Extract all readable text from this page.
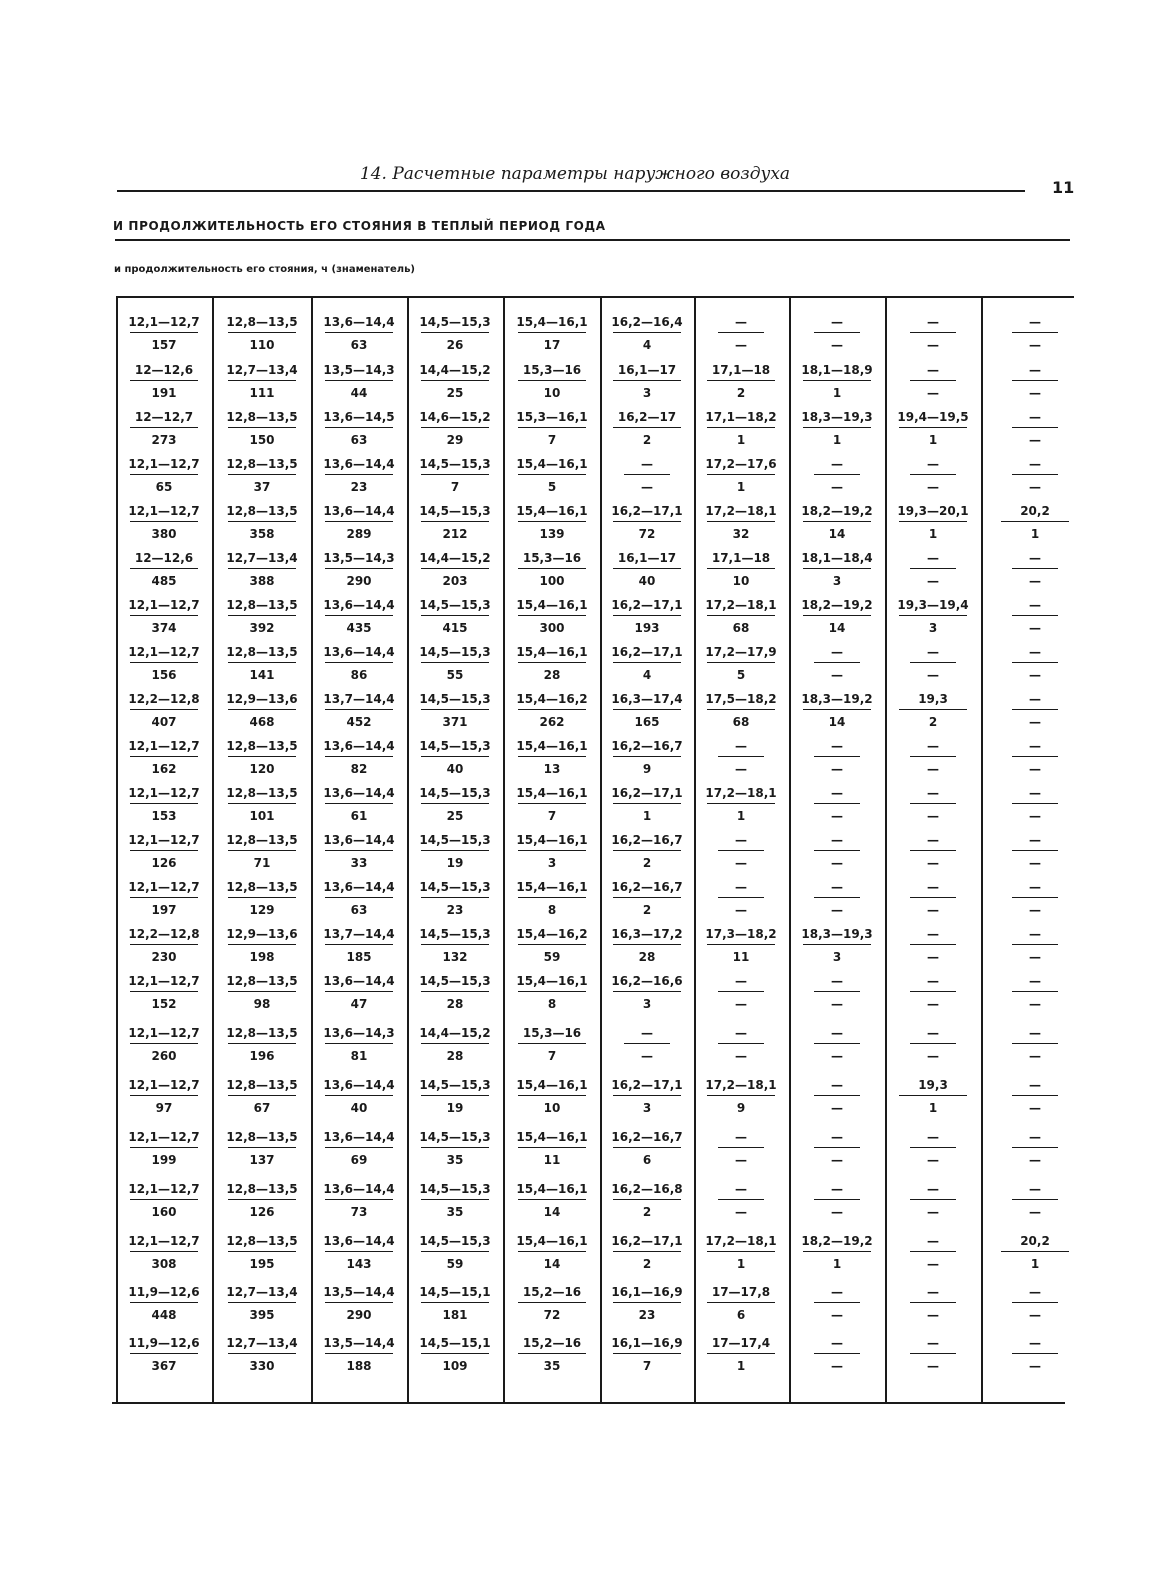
14. Расчетные параметры наружного воздуха
11
И ПРОДОЛЖИТЕЛЬНОСТЬ ЕГО СТОЯНИЯ В ТЕПЛЫЙ ПЕРИОД ГОДА
и продолжительность его стояния, ч (знаменатель)
12,1—12,7
157
12,8—13,5
110
13,6—14,4
63
14,5—15,3
26
15,4—16,1
17
16,2—16,4
4
—
—
—
—
—
—
—
—
12—12,6
191
12,7—13,4
111
13,5—14,3
44
14,4—15,2
25
15,3—16
10
16,1—17
3
17,1—18
2
18,1—18,9
1
—
—
—
—
12—12,7
273
12,8—13,5
150
13,6—14,5
63
14,6—15,2
29
15,3—16,1
7
16,2—17
2
17,1—18,2
1
18,3—19,3
1
19,4—19,5
1
—
—
12,1—12,7
65
12,8—13,5
37
13,6—14,4
23
14,5—15,3
7
15,4—16,1
5
—
—
17,2—17,6
1
—
—
—
—
—
—
12,1—12,7
380
12,8—13,5
358
13,6—14,4
289
14,5—15,3
212
15,4—16,1
139
16,2—17,1
72
17,2—18,1
32
18,2—19,2
14
19,3—20,1
1
20,2
1
12—12,6
485
12,7—13,4
388
13,5—14,3
290
14,4—15,2
203
15,3—16
100
16,1—17
40
17,1—18
10
18,1—18,4
3
—
—
—
—
12,1—12,7
374
12,8—13,5
392
13,6—14,4
435
14,5—15,3
415
15,4—16,1
300
16,2—17,1
193
17,2—18,1
68
18,2—19,2
14
19,3—19,4
3
—
—
12,1—12,7
156
12,8—13,5
141
13,6—14,4
86
14,5—15,3
55
15,4—16,1
28
16,2—17,1
4
17,2—17,9
5
—
—
—
—
—
—
12,2—12,8
407
12,9—13,6
468
13,7—14,4
452
14,5—15,3
371
15,4—16,2
262
16,3—17,4
165
17,5—18,2
68
18,3—19,2
14
19,3
2
—
—
12,1—12,7
162
12,8—13,5
120
13,6—14,4
82
14,5—15,3
40
15,4—16,1
13
16,2—16,7
9
—
—
—
—
—
—
—
—
12,1—12,7
153
12,8—13,5
101
13,6—14,4
61
14,5—15,3
25
15,4—16,1
7
16,2—17,1
1
17,2—18,1
1
—
—
—
—
—
—
12,1—12,7
126
12,8—13,5
71
13,6—14,4
33
14,5—15,3
19
15,4—16,1
3
16,2—16,7
2
—
—
—
—
—
—
—
—
12,1—12,7
197
12,8—13,5
129
13,6—14,4
63
14,5—15,3
23
15,4—16,1
8
16,2—16,7
2
—
—
—
—
—
—
—
—
12,2—12,8
230
12,9—13,6
198
13,7—14,4
185
14,5—15,3
132
15,4—16,2
59
16,3—17,2
28
17,3—18,2
11
18,3—19,3
3
—
—
—
—
12,1—12,7
152
12,8—13,5
98
13,6—14,4
47
14,5—15,3
28
15,4—16,1
8
16,2—16,6
3
—
—
—
—
—
—
—
—
12,1—12,7
260
12,8—13,5
196
13,6—14,3
81
14,4—15,2
28
15,3—16
7
—
—
—
—
—
—
—
—
—
—
12,1—12,7
97
12,8—13,5
67
13,6—14,4
40
14,5—15,3
19
15,4—16,1
10
16,2—17,1
3
17,2—18,1
9
—
—
19,3
1
—
—
12,1—12,7
199
12,8—13,5
137
13,6—14,4
69
14,5—15,3
35
15,4—16,1
11
16,2—16,7
6
—
—
—
—
—
—
—
—
12,1—12,7
160
12,8—13,5
126
13,6—14,4
73
14,5—15,3
35
15,4—16,1
14
16,2—16,8
2
—
—
—
—
—
—
—
—
12,1—12,7
308
12,8—13,5
195
13,6—14,4
143
14,5—15,3
59
15,4—16,1
14
16,2—17,1
2
17,2—18,1
1
18,2—19,2
1
—
—
20,2
1
11,9—12,6
448
12,7—13,4
395
13,5—14,4
290
14,5—15,1
181
15,2—16
72
16,1—16,9
23
17—17,8
6
—
—
—
—
—
—
11,9—12,6
367
12,7—13,4
330
13,5—14,4
188
14,5—15,1
109
15,2—16
35
16,1—16,9
7
17—17,4
1
—
—
—
—
—
—
